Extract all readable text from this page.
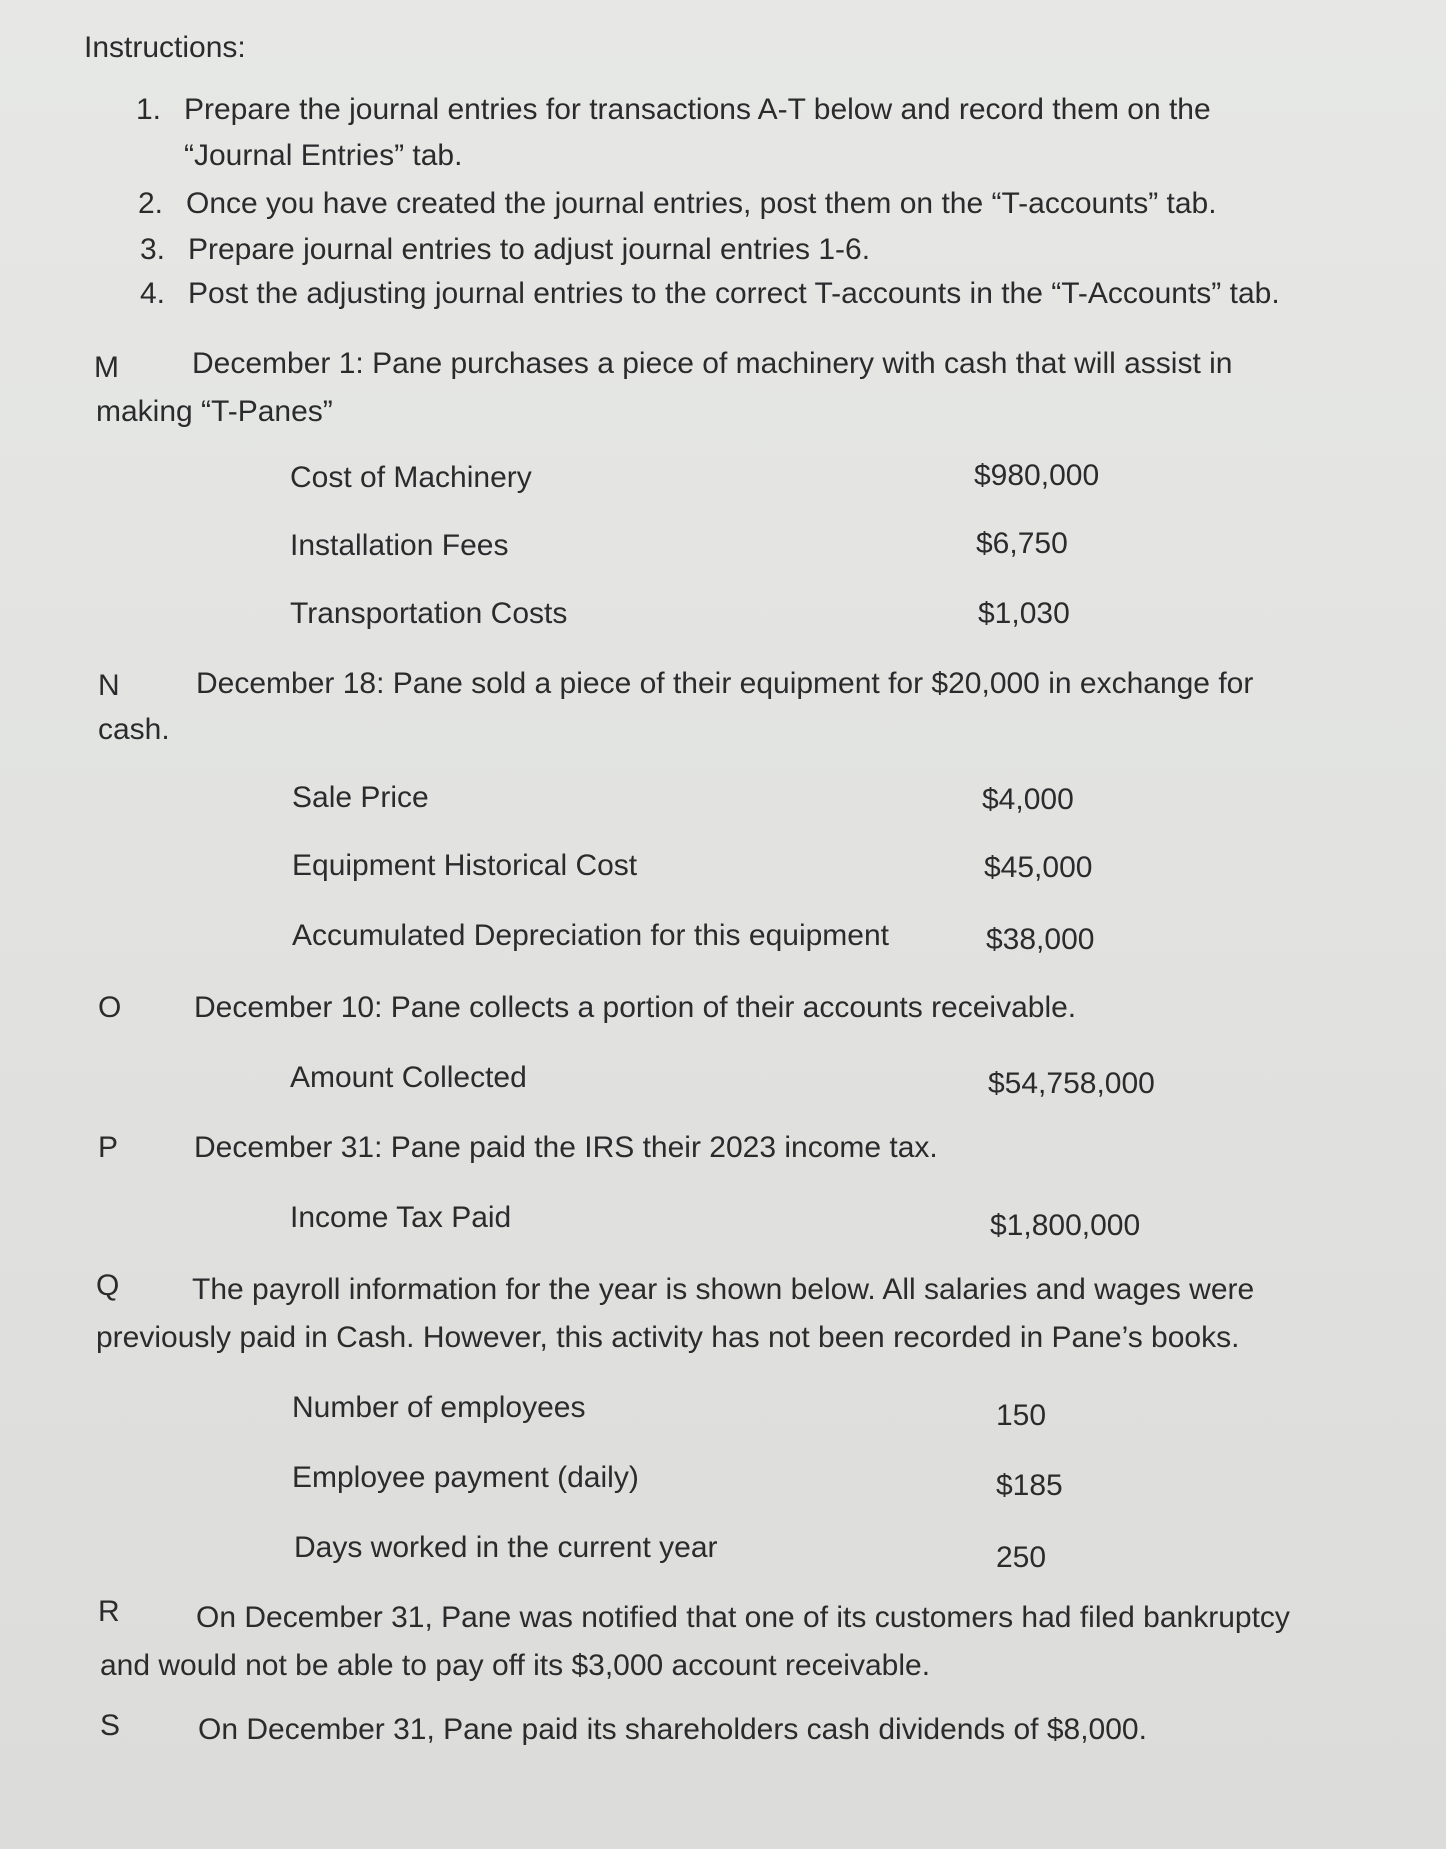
Instructions:
1. Prepare the journal entries for transactions A-T below and record them on the
“Journal Entries” tab.
2. Once you have created the journal entries, post them on the “T-accounts” tab.
3. Prepare journal entries to adjust journal entries 1-6.
4. Post the adjusting journal entries to the correct T-accounts in the “T-Accounts” tab.
M December 1: Pane purchases a piece of machinery with cash that will assist in
making “T-Panes”
Cost of Machinery	$980,000
Installation Fees	$6,750
Transportation Costs	$1,030
N	December 18: Pane sold a piece of their equipment for $20,000 in exchange for
cash.
Sale Price	$4,000
Equipment Historical Cost	$45,000
Accumulated Depreciation for this equipment	$38,000
O December 10: Pane collects a portion of their accounts receivable.
Amount Collected	$54,758,000
P	December 31: Pane paid the IRS their 2023 income tax.
Income Tax Paid	$1,800,000
Q The payroll information for the year is shown below. All salaries and wages were
previously paid in Cash. However, this activity has not been recorded in Pane’s books.
Number of employees	150
Employee payment (daily)	$185
Days worked in the current year	250
R	On December 31, Pane was notified that one of its customers had filed bankruptcy
and would not be able to pay off its $3,000 account receivable.
S	On December 31, Pane paid its shareholders cash dividends of $8,000.
